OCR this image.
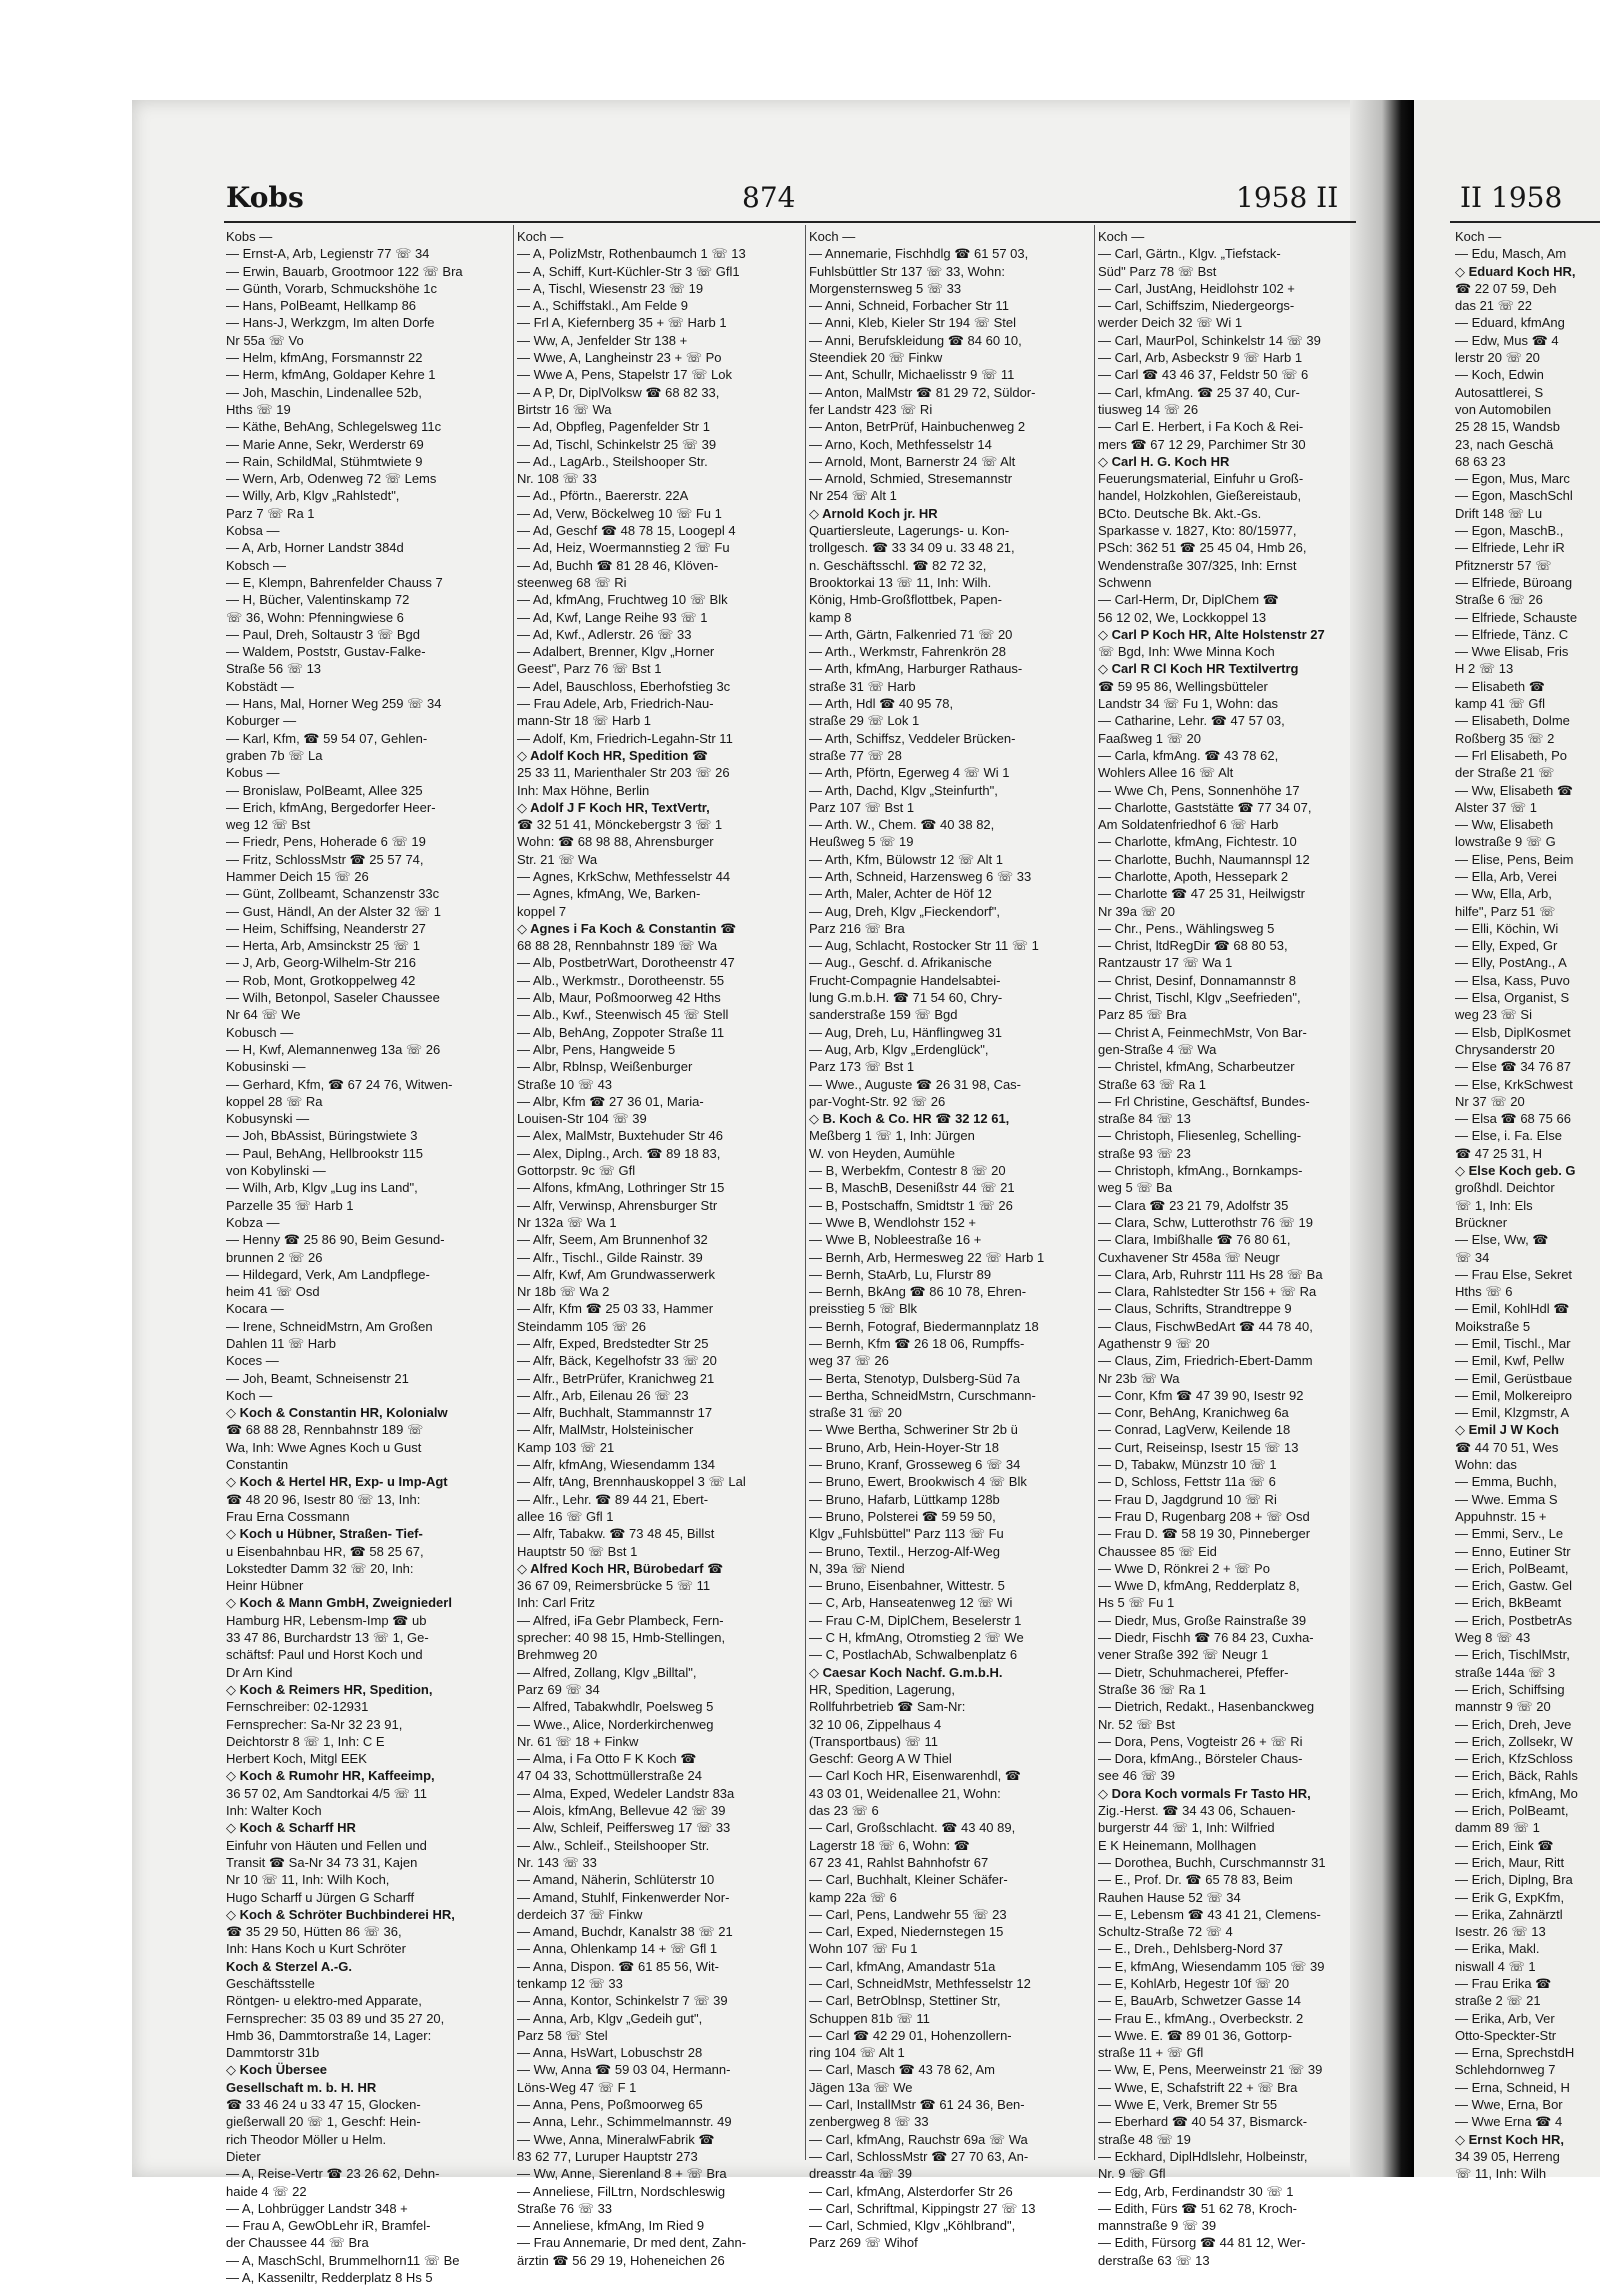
Kobs	874	1958 II	II 1958
Kobs —
— Ernst-A, Arb, Legienstr 77 ☏ 34
— Erwin, Bauarb, Grootmoor 122 ☏ Bra
— Günth, Vorarb, Schmuckshöhe 1c
— Hans, PolBeamt, Hellkamp 86
— Hans-J, Werkzgm, Im alten Dorfe
Nr 55a ☏ Vo
— Helm, kfmAng, Forsmannstr 22
— Herm, kfmAng, Goldaper Kehre 1
— Joh, Maschin, Lindenallee 52b,
Hths ☏ 19
— Käthe, BehAng, Schlegelsweg 11c
— Marie Anne, Sekr, Werderstr 69
— Rain, SchildMal, Stühmtwiete 9
— Wern, Arb, Odenweg 72 ☏ Lems
— Willy, Arb, Klgv „Rahlstedt",
Parz 7 ☏ Ra 1
Kobsa —
— A, Arb, Horner Landstr 384d
Kobsch —
— E, Klempn, Bahrenfelder Chauss 7
— H, Bücher, Valentinskamp 72
☏ 36, Wohn: Pfenningwiese 6
— Paul, Dreh, Soltaustr 3 ☏ Bgd
— Waldem, Poststr, Gustav-Falke-
Straße 56 ☏ 13
Kobstädt —
— Hans, Mal, Horner Weg 259 ☏ 34
Koburger —
— Karl, Kfm, ☎ 59 54 07, Gehlen-
graben 7b ☏ La
Kobus —
— Bronislaw, PolBeamt, Allee 325
— Erich, kfmAng, Bergedorfer Heer-
weg 12 ☏ Bst
— Friedr, Pens, Hoherade 6 ☏ 19
— Fritz, SchlossMstr ☎ 25 57 74,
Hammer Deich 15 ☏ 26
— Günt, Zollbeamt, Schanzenstr 33c
— Gust, Händl, An der Alster 32 ☏ 1
— Heim, Schiffsing, Neanderstr 27
— Herta, Arb, Amsinckstr 25 ☏ 1
— J, Arb, Georg-Wilhelm-Str 216
— Rob, Mont, Grotkoppelweg 42
— Wilh, Betonpol, Saseler Chaussee
Nr 64 ☏ We
Kobusch —
— H, Kwf, Alemannenweg 13a ☏ 26
Kobusinski —
— Gerhard, Kfm, ☎ 67 24 76, Witwen-
koppel 28 ☏ Ra
Kobusynski —
— Joh, BbAssist, Büringstwiete 3
— Paul, BehAng, Hellbrookstr 115
von Kobylinski —
— Wilh, Arb, Klgv „Lug ins Land",
Parzelle 35 ☏ Harb 1
Kobza —
— Henny ☎ 25 86 90, Beim Gesund-
brunnen 2 ☏ 26
— Hildegard, Verk, Am Landpflege-
heim 41 ☏ Osd
Kocara —
— Irene, SchneidMstrn, Am Großen
Dahlen 11 ☏ Harb
Koces —
— Joh, Beamt, Schneisenstr 21
Koch —
◇ Koch & Constantin HR, Kolonialw
☎ 68 88 28, Rennbahnstr 189 ☏
Wa, Inh: Wwe Agnes Koch u Gust
Constantin
◇ Koch & Hertel HR, Exp- u Imp-Agt
☎ 48 20 96, Isestr 80 ☏ 13, Inh:
Frau Erna Cossmann
◇ Koch u Hübner, Straßen- Tief-
u Eisenbahnbau HR, ☎ 58 25 67,
Lokstedter Damm 32 ☏ 20, Inh:
Heinr Hübner
◇ Koch & Mann GmbH, Zweigniederl
Hamburg HR, Lebensm-Imp ☎ ub
33 47 86, Burchardstr 13 ☏ 1, Ge-
schäftsf: Paul und Horst Koch und
Dr Arn Kind
◇ Koch & Reimers HR, Spedition,
Fernschreiber: 02-12931
Fernsprecher: Sa-Nr 32 23 91,
Deichtorstr 8 ☏ 1, Inh: C E
Herbert Koch, Mitgl EEK
◇ Koch & Rumohr HR, Kaffeeimp,
36 57 02, Am Sandtorkai 4/5 ☏ 11
Inh: Walter Koch
◇ Koch & Scharff HR
Einfuhr von Häuten und Fellen und
Transit ☎ Sa-Nr 34 73 31, Kajen
Nr 10 ☏ 11, Inh: Wilh Koch,
Hugo Scharff u Jürgen G Scharff
◇ Koch & Schröter Buchbinderei HR,
☎ 35 29 50, Hütten 86 ☏ 36,
Inh: Hans Koch u Kurt Schröter
Koch & Sterzel A.-G.
Geschäftsstelle
Röntgen- u elektro-med Apparate,
Fernsprecher: 35 03 89 und 35 27 20,
Hmb 36, Dammtorstraße 14, Lager:
Dammtorstr 31b
◇ Koch Übersee
Gesellschaft m. b. H. HR
☎ 33 46 24 u 33 47 15, Glocken-
gießerwall 20 ☏ 1, Geschf: Hein-
rich Theodor Möller u Helm.
Dieter
— A, Reise-Vertr ☎ 23 26 62, Dehn-
haide 4 ☏ 22
— A, Lohbrügger Landstr 348 +
— Frau A, GewObLehr iR, Bramfel-
der Chaussee 44 ☏ Bra
— A, MaschSchl, Brummelhorn11 ☏ Be
— A, Kasseniltr, Redderplatz 8 Hs 5
Koch —
— A, PolizMstr, Rothenbaumch 1 ☏ 13
— A, Schiff, Kurt-Küchler-Str 3 ☏ Gfl1
— A, Tischl, Wiesenstr 23 ☏ 19
— A., Schiffstakl., Am Felde 9
— Frl A, Kiefernberg 35 + ☏ Harb 1
— Ww, A, Jenfelder Str 138 +
— Wwe, A, Langheinstr 23 + ☏ Po
— Wwe A, Pens, Stapelstr 17 ☏ Lok
— A P, Dr, DiplVolksw ☎ 68 82 33,
Birtstr 16 ☏ Wa
— Ad, Obpfleg, Pagenfelder Str 1
— Ad, Tischl, Schinkelstr 25 ☏ 39
— Ad., LagArb., Steilshooper Str.
Nr. 108 ☏ 33
— Ad., Pförtn., Baererstr. 22A
— Ad, Verw, Böckelweg 10 ☏ Fu 1
— Ad, Geschf ☎ 48 78 15, Loogepl 4
— Ad, Heiz, Woermannstieg 2 ☏ Fu
— Ad, Buchh ☎ 81 28 46, Klöven-
steenweg 68 ☏ Ri
— Ad, kfmAng, Fruchtweg 10 ☏ Blk
— Ad, Kwf, Lange Reihe 93 ☏ 1
— Ad, Kwf., Adlerstr. 26 ☏ 33
— Adalbert, Brenner, Klgv „Horner
Geest", Parz 76 ☏ Bst 1
— Adel, Bauschloss, Eberhofstieg 3c
— Frau Adele, Arb, Friedrich-Nau-
mann-Str 18 ☏ Harb 1
— Adolf, Km, Friedrich-Legahn-Str 11
◇ Adolf Koch HR, Spedition ☎
25 33 11, Marienthaler Str 203 ☏ 26
Inh: Max Höhne, Berlin
◇ Adolf J F Koch HR, TextVertr,
☎ 32 51 41, Mönckebergstr 3 ☏ 1
Wohn: ☎ 68 98 88, Ahrensburger
Str. 21 ☏ Wa
— Agnes, KrkSchw, Methfesselstr 44
— Agnes, kfmAng, We, Barken-
koppel 7
◇ Agnes i Fa Koch & Constantin ☎
68 88 28, Rennbahnstr 189 ☏ Wa
— Alb, PostbetrWart, Dorotheenstr 47
— Alb., Werkmstr., Dorotheenstr. 55
— Alb, Maur, Poßmoorweg 42 Hths
— Alb., Kwf., Steenwisch 45 ☏ Stell
— Alb, BehAng, Zoppoter Straße 11
— Albr, Pens, Hangweide 5
— Albr, Rblnsp, Weißenburger
Straße 10 ☏ 43
— Albr, Kfm ☎ 27 36 01, Maria-
Louisen-Str 104 ☏ 39
— Alex, MalMstr, Buxtehuder Str 46
— Alex, Diplng., Arch. ☎ 89 18 83,
Gottorpstr. 9c ☏ Gfl
— Alfons, kfmAng, Lothringer Str 15
— Alfr, Verwinsp, Ahrensburger Str
Nr 132a ☏ Wa 1
— Alfr, Seem, Am Brunnenhof 32
— Alfr., Tischl., Gilde Rainstr. 39
— Alfr, Kwf, Am Grundwasserwerk
Nr 18b ☏ Wa 2
— Alfr, Kfm ☎ 25 03 33, Hammer
Steindamm 105 ☏ 26
— Alfr, Exped, Bredstedter Str 25
— Alfr, Bäck, Kegelhofstr 33 ☏ 20
— Alfr., BetrPrüfer, Kranichweg 21
— Alfr., Arb, Eilenau 26 ☏ 23
— Alfr, Buchhalt, Stammannstr 17
— Alfr, MalMstr, Holsteinischer
Kamp 103 ☏ 21
— Alfr, kfmAng, Wiesendamm 134
— Alfr, tAng, Brennhauskoppel 3 ☏ Lal
— Alfr., Lehr. ☎ 89 44 21, Ebert-
allee 16 ☏ Gfl 1
— Alfr, Tabakw. ☎ 73 48 45, Billst
Hauptstr 50 ☏ Bst 1
◇ Alfred Koch HR, Bürobedarf ☎
36 67 09, Reimersbrücke 5 ☏ 11
Inh: Carl Fritz
— Alfred, iFa Gebr Plambeck, Fern-
sprecher: 40 98 15, Hmb-Stellingen,
Brehmweg 20
— Alfred, Zollang, Klgv „Billtal",
Parz 69 ☏ 34
— Alfred, Tabakwhdlr, Poelsweg 5
— Wwe., Alice, Norderkirchenweg
Nr. 61 ☏ 18 + Finkw
— Alma, i Fa Otto F K Koch ☎
47 04 33, Schottmüllerstraße 24
— Alma, Exped, Wedeler Landstr 83a
— Alois, kfmAng, Bellevue 42 ☏ 39
— Alw, Schleif, Peiffersweg 17 ☏ 33
— Alw., Schleif., Steilshooper Str.
Nr. 143 ☏ 33
— Amand, Näherin, Schlüterstr 10
— Amand, Stuhlf, Finkenwerder Nor-
derdeich 37 ☏ Finkw
— Amand, Buchdr, Kanalstr 38 ☏ 21
— Anna, Ohlenkamp 14 + ☏ Gfl 1
— Anna, Dispon. ☎ 61 85 56, Wit-
tenkamp 12 ☏ 33
— Anna, Kontor, Schinkelstr 7 ☏ 39
— Anna, Arb, Klgv „Gedeih gut",
Parz 58 ☏ Stel
— Anna, HsWart, Lobuschstr 28
— Ww, Anna ☎ 59 03 04, Hermann-
Löns-Weg 47 ☏ F 1
— Anna, Pens, Poßmoorweg 65
— Anna, Lehr., Schimmelmannstr. 49
— Wwe, Anna, MineralwFabrik ☎
83 62 77, Luruper Hauptstr 273
— Ww, Anne, Sierenland 8 + ☏ Bra
— Anneliese, FilLtrn, Nordschleswig
Straße 76 ☏ 33
— Anneliese, kfmAng, Im Ried 9
— Frau Annemarie, Dr med dent, Zahn-
ärztin ☎ 56 29 19, Hoheneichen 26
Koch —
— Annemarie, Fischhdlg ☎ 61 57 03,
Fuhlsbüttler Str 137 ☏ 33, Wohn:
Morgensternsweg 5 ☏ 33
— Anni, Schneid, Forbacher Str 11
— Anni, Kleb, Kieler Str 194 ☏ Stel
— Anni, Berufskleidung ☎ 84 60 10,
Steendiek 20 ☏ Finkw
— Ant, Schullr, Michaelisstr 9 ☏ 11
— Anton, MalMstr ☎ 81 29 72, Süldor-
fer Landstr 423 ☏ Ri
— Anton, BetrPrüf, Hainbuchenweg 2
— Arno, Koch, Methfesselstr 14
— Arnold, Mont, Barnerstr 24 ☏ Alt
— Arnold, Schmied, Stresemannstr
Nr 254 ☏ Alt 1
◇ Arnold Koch jr. HR
Quartiersleute, Lagerungs- u. Kon-
trollgesch. ☎ 33 34 09 u. 33 48 21,
n. Geschäftsschl. ☎ 82 72 32,
Brooktorkai 13 ☏ 11, Inh: Wilh.
König, Hmb-Großflottbek, Papen-
kamp 8
— Arth, Gärtn, Falkenried 71 ☏ 20
— Arth., Werkmstr, Fahrenkrön 28
— Arth, kfmAng, Harburger Rathaus-
straße 31 ☏ Harb
— Arth, Hdl ☎ 40 95 78,
straße 29 ☏ Lok 1
— Arth, Schiffsz, Veddeler Brücken-
straße 77 ☏ 28
— Arth, Pförtn, Egerweg 4 ☏ Wi 1
— Arth, Dachd, Klgv „Steinfurth",
Parz 107 ☏ Bst 1
— Arth. W., Chem. ☎ 40 38 82,
Heußweg 5 ☏ 19
— Arth, Kfm, Bülowstr 12 ☏ Alt 1
— Arth, Schneid, Harzensweg 6 ☏ 33
— Arth, Maler, Achter de Höf 12
— Aug, Dreh, Klgv „Fieckendorf",
Parz 216 ☏ Bra
— Aug, Schlacht, Rostocker Str 11 ☏ 1
— Aug., Geschf. d. Afrikanische
Frucht-Compagnie Handelsabtei-
lung G.m.b.H. ☎ 71 54 60, Chry-
sanderstraße 159 ☏ Bgd
— Aug, Dreh, Lu, Hänflingweg 31
— Aug, Arb, Klgv „Erdenglück",
Parz 173 ☏ Bst 1
— Wwe., Auguste ☎ 26 31 98, Cas-
par-Voght-Str. 92 ☏ 26
◇ B. Koch & Co. HR ☎ 32 12 61,
Meßberg 1 ☏ 1, Inh: Jürgen
W. von Heyden, Aumühle
— B, Werbekfm, Contestr 8 ☏ 20
— B, MaschB, Desenißstr 44 ☏ 21
— B, Postschaffn, Smidtstr 1 ☏ 26
— Wwe B, Wendlohstr 152 +
— Wwe B, Nobleestraße 16 +
— Bernh, Arb, Hermesweg 22 ☏ Harb 1
— Bernh, StaArb, Lu, Flurstr 89
— Bernh, BkAng ☎ 86 10 78, Ehren-
preisstieg 5 ☏ Blk
— Bernh, Fotograf, Biedermannplatz 18
— Bernh, Kfm ☎ 26 18 06, Rumpffs-
weg 37 ☏ 26
— Berta, Stenotyp, Dulsberg-Süd 7a
— Bertha, SchneidMstrn, Curschmann-
straße 31 ☏ 20
— Wwe Bertha, Schweriner Str 2b ü
— Bruno, Arb, Hein-Hoyer-Str 18
— Bruno, Kranf, Grosseweg 6 ☏ 34
— Bruno, Ewert, Brookwisch 4 ☏ Blk
— Bruno, Hafarb, Lüttkamp 128b
— Bruno, Polsterei ☎ 59 59 50,
Klgv „Fuhlsbüttel" Parz 113 ☏ Fu
— Bruno, Textil., Herzog-Alf-Weg
N, 39a ☏ Niend
— Bruno, Eisenbahner, Wittestr. 5
— C, Arb, Hanseatenweg 12 ☏ Wi
— Frau C-M, DiplChem, Beselerstr 1
— C H, kfmAng, Otromstieg 2 ☏ We
— C, PostlachAb, Schwalbenplatz 6
◇ Caesar Koch Nachf. G.m.b.H.
HR, Spedition, Lagerung,
Rollfuhrbetrieb ☎ Sam-Nr:
32 10 06, Zippelhaus 4
(Transportbaus) ☏ 11
Geschf: Georg A W Thiel
— Carl Koch HR, Eisenwarenhdl, ☎
43 03 01, Weidenallee 21, Wohn:
das 23 ☏ 6
— Carl, Großschlacht. ☎ 43 40 89,
Lagerstr 18 ☏ 6, Wohn: ☎
67 23 41, Rahlst Bahnhofstr 67
— Carl, Buchhalt, Kleiner Schäfer-
kamp 22a ☏ 6
— Carl, Pens, Landwehr 55 ☏ 23
— Carl, Exped, Niedernstegen 15
Wohn 107 ☏ Fu 1
— Carl, kfmAng, Amandastr 51a
— Carl, SchneidMstr, Methfesselstr 12
— Carl, BetrOblnsp, Stettiner Str,
Schuppen 81b ☏ 11
— Carl ☎ 42 29 01, Hohenzollern-
ring 104 ☏ Alt 1
— Carl, Masch ☎ 43 78 62, Am
Jägen 13a ☏ We
— Carl, InstallMstr ☎ 61 24 36, Ben-
zenbergweg 8 ☏ 33
— Carl, kfmAng, Rauchstr 69a ☏ Wa
— Carl, SchlossMstr ☎ 27 70 63, An-
dreasstr 4a ☏ 39
— Carl, kfmAng, Alsterdorfer Str 26
— Carl, Schriftmal, Kippingstr 27 ☏ 13
— Carl, Schmied, Klgv „Köhlbrand",
Parz 269 ☏ Wihof
Koch —
— Carl, Gärtn., Klgv. „Tiefstack-
Süd" Parz 78 ☏ Bst
— Carl, JustAng, Heidlohstr 102 +
— Carl, Schiffszim, Niedergeorgs-
werder Deich 32 ☏ Wi 1
— Carl, MaurPol, Schinkelstr 14 ☏ 39
— Carl, Arb, Asbeckstr 9 ☏ Harb 1
— Carl ☎ 43 46 37, Feldstr 50 ☏ 6
— Carl, kfmAng. ☎ 25 37 40, Cur-
tiusweg 14 ☏ 26
— Carl E. Herbert, i Fa Koch & Rei-
mers ☎ 67 12 29, Parchimer Str 30
◇ Carl H. G. Koch HR
Feuerungsmaterial, Einfuhr u Groß-
handel, Holzkohlen, Gießereistaub,
BCto. Deutsche Bk. Akt.-Gs.
Sparkasse v. 1827, Kto: 80/15977,
PSch: 362 51 ☎ 25 45 04, Hmb 26,
Wendenstraße 307/325, Inh: Ernst
Schwenn
— Carl-Herm, Dr, DiplChem ☎
56 12 02, We, Lockkoppel 13
◇ Carl P Koch HR, Alte Holstenstr 27
☏ Bgd, Inh: Wwe Minna Koch
◇ Carl R Cl Koch HR Textilvertrg
☎ 59 95 86, Wellingsbütteler
Landstr 34 ☏ Fu 1, Wohn: das
— Catharine, Lehr. ☎ 47 57 03,
Faaßweg 1 ☏ 20
— Carla, kfmAng. ☎ 43 78 62,
Wohlers Allee 16 ☏ Alt
— Wwe Ch, Pens, Sonnenhöhe 17
— Charlotte, Gaststätte ☎ 77 34 07,
Am Soldatenfriedhof 6 ☏ Harb
— Charlotte, kfmAng, Fichtestr. 10
— Charlotte, Buchh, Naumannspl 12
— Charlotte, Apoth, Hessepark 2
— Charlotte ☎ 47 25 31, Heilwigstr
Nr 39a ☏ 20
— Chr., Pens., Wählingsweg 5
— Christ, ltdRegDir ☎ 68 80 53,
Rantzaustr 17 ☏ Wa 1
— Christ, Desinf, Donnamannstr 8
— Christ, Tischl, Klgv „Seefrieden",
Parz 85 ☏ Bra
— Christ A, FeinmechMstr, Von Bar-
gen-Straße 4 ☏ Wa
— Christel, kfmAng, Scharbeutzer
Straße 63 ☏ Ra 1
— Frl Christine, Geschäftsf, Bundes-
straße 84 ☏ 13
— Christoph, Fliesenleg, Schelling-
straße 93 ☏ 23
— Christoph, kfmAng., Bornkamps-
weg 5 ☏ Ba
— Clara ☎ 23 21 79, Adolfstr 35
— Clara, Schw, Lutterothstr 76 ☏ 19
— Clara, Imbißhalle ☎ 76 80 61,
Cuxhavener Str 458a ☏ Neugr
— Clara, Arb, Ruhrstr 111 Hs 28 ☏ Ba
— Clara, Rahlstedter Str 156 + ☏ Ra
— Claus, Schrifts, Strandtreppe 9
— Claus, FischwBedArt ☎ 44 78 40,
Agathenstr 9 ☏ 20
— Claus, Zim, Friedrich-Ebert-Damm
Nr 23b ☏ Wa
— Conr, Kfm ☎ 47 39 90, Isestr 92
— Conr, BehAng, Kranichweg 6a
— Conrad, LagVerw, Keilende 18
— Curt, Reiseinsp, Isestr 15 ☏ 13
— D, Tabakw, Münzstr 10 ☏ 1
— D, Schloss, Fettstr 11a ☏ 6
— Frau D, Jagdgrund 10 ☏ Ri
— Frau D, Rugenbarg 208 + ☏ Osd
— Frau D. ☎ 58 19 30, Pinneberger
Chaussee 85 ☏ Eid
— Wwe D, Rönkrei 2 + ☏ Po
— Wwe D, kfmAng, Redderplatz 8,
Hs 5 ☏ Fu 1
— Diedr, Mus, Große Rainstraße 39
— Diedr, Fischh ☎ 76 84 23, Cuxha-
vener Straße 392 ☏ Neugr 1
— Dietr, Schuhmacherei, Pfeffer-
Straße 36 ☏ Ra 1
— Dietrich, Redakt., Hasenbanckweg
Nr. 52 ☏ Bst
— Dora, Pens, Vogteistr 26 + ☏ Ri
— Dora, kfmAng., Börsteler Chaus-
see 46 ☏ 39
◇ Dora Koch vormals Fr Tasto HR,
Zig.-Herst. ☎ 34 43 06, Schauen-
burgerstr 44 ☏ 1, Inh: Wilfried
E K Heinemann, Mollhagen
— Dorothea, Buchh, Curschmannstr 31
— E., Prof. Dr. ☎ 65 78 83, Beim
Rauhen Hause 52 ☏ 34
— E, Lebensm ☎ 43 41 21, Clemens-
Schultz-Straße 72 ☏ 4
— E., Dreh., Dehlsberg-Nord 37
— E, kfmAng, Wiesendamm 105 ☏ 39
— E, KohlArb, Hegestr 10f ☏ 20
— E, BauArb, Schwetzer Gasse 14
— Frau E., kfmAng., Overbeckstr. 2
— Wwe. E. ☎ 89 01 36, Gottorp-
straße 11 + ☏ Gfl
— Ww, E, Pens, Meerweinstr 21 ☏ 39
— Wwe, E, Schafstrift 22 + ☏ Bra
— Wwe E, Verk, Bremer Str 55
— Eberhard ☎ 40 54 37, Bismarck-
straße 48 ☏ 19
— Eckhard, DiplHdlslehr, Holbeinstr,
Nr. 9 ☏ Gfl
— Edg, Arb, Ferdinandstr 30 ☏ 1
— Edith, Fürs ☎ 51 62 78, Kroch-
mannstraße 9 ☏ 39
— Edith, Fürsorg ☎ 44 81 12, Wer-
derstraße 63 ☏ 13
Koch —
— Edu, Masch, Am
◇ Eduard Koch HR,
☎ 22 07 59, Deh
das 21 ☏ 22
— Eduard, kfmAng
— Edw, Mus ☎ 4
lerstr 20 ☏ 20
— Koch, Edwin
Autosattlerei, S
von Automobilen
25 28 15, Wandsb
23, nach Geschä
68 63 23
— Egon, Mus, Marc
— Egon, MaschSchl
Drift 148 ☏ Lu
— Egon, MaschB.,
— Elfriede, Lehr iR
Pfitznerstr 57 ☏
— Elfriede, Büroang
Straße 6 ☏ 26
— Elfriede, Schauste
— Elfriede, Tänz. C
— Wwe Elisab, Fris
H 2 ☏ 13
— Elisabeth ☎
kamp 41 ☏ Gfl
— Elisabeth, Dolme
Roßberg 35 ☏ 2
— Frl Elisabeth, Po
der Straße 21 ☏
— Ww, Elisabeth ☎
Alster 37 ☏ 1
— Ww, Elisabeth
lowstraße 9 ☏ G
— Elise, Pens, Beim
— Ella, Arb, Verei
— Ww, Ella, Arb,
hilfe", Parz 51 ☏
— Elli, Köchin, Wi
— Elly, Exped, Gr
— Elly, PostAng., A
— Elsa, Kass, Puvo
— Elsa, Organist, S
weg 23 ☏ Si
— Elsb, DiplKosmet
Chrysanderstr 20
— Else ☎ 34 76 87
— Else, KrkSchwest
Nr 37 ☏ 20
— Elsa ☎ 68 75 66
— Else, i. Fa. Else
☎ 47 25 31, H
◇ Else Koch geb. G
großhdl. Deichtor
☏ 1, Inh: Els
Brückner
— Else, Ww, ☎
☏ 34
— Frau Else, Sekret
Hths ☏ 6
— Emil, KohlHdl ☎
Moikstraße 5
— Emil, Tischl., Mar
— Emil, Kwf, Pellw
— Emil, Gerüstbaue
— Emil, Molkereipro
— Emil, Klzgmstr, A
◇ Emil J W Koch
☎ 44 70 51, Wes
Wohn: das
— Emma, Buchh,
— Wwe. Emma S
Appuhnstr. 15 +
— Emmi, Serv., Le
— Enno, Eutiner Str
— Erich, PolBeamt,
— Erich, Gastw. Gel
— Erich, BkBeamt
— Erich, PostbetrAs
Weg 8 ☏ 43
— Erich, TischlMstr,
straße 144a ☏ 3
— Erich, Schiffsing
mannstr 9 ☏ 20
— Erich, Dreh, Jeve
— Erich, Zollsekr, W
— Erich, KfzSchloss
— Erich, Bäck, Rahls
— Erich, kfmAng, Mo
— Erich, PolBeamt,
damm 89 ☏ 1
— Erich, Eink ☎
— Erich, Maur, Ritt
— Erich, Diplng, Bra
— Erik G, ExpKfm,
— Erika, Zahnärztl
Isestr. 26 ☏ 13
— Erika, Makl.
niswall 4 ☏ 1
— Frau Erika ☎
straße 2 ☏ 21
— Erika, Arb, Ver
Otto-Speckter-Str
— Erna, SprechstdH
Schlehdornweg 7
— Erna, Schneid, H
— Wwe, Erna, Bor
— Wwe Erna ☎ 4
◇ Ernst Koch HR,
34 39 05, Herreng
☏ 11, Inh: Wilh
